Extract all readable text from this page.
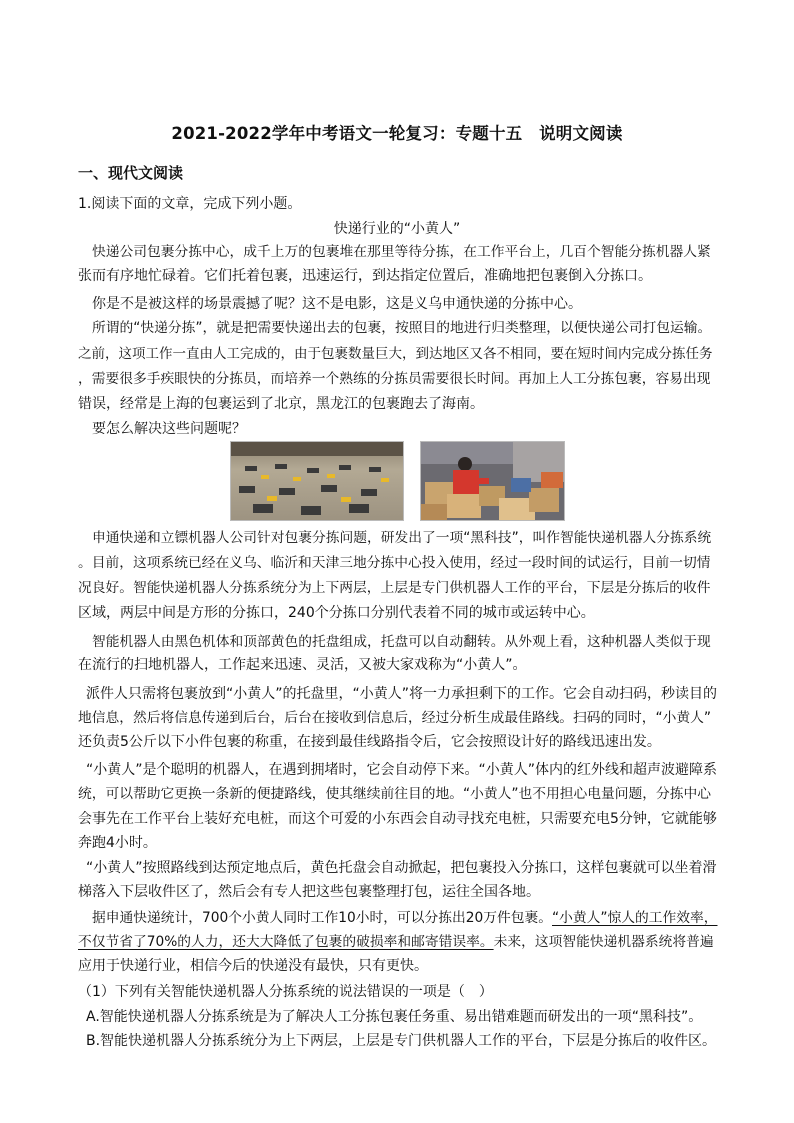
2021-2022学年中考语文一轮复习：专题十五　说明文阅读
一、现代文阅读
1.阅读下面的文章，完成下列小题。
快递行业的“小黄人”
快递公司包裹分拣中心，成千上万的包裹堆在那里等待分拣，在工作平台上，几百个智能分拣机器人紧
张而有序地忙碌着。它们托着包裹，迅速运行，到达指定位置后，准确地把包裹倒入分拣口。
你是不是被这样的场景震撼了呢？这不是电影，这是义乌申通快递的分拣中心。
所谓的“快递分拣”，就是把需要快递出去的包裹，按照目的地进行归类整理，以便快递公司打包运输。
之前，这项工作一直由人工完成的，由于包裹数量巨大，到达地区又各不相同，要在短时间内完成分拣任务
，需要很多手疾眼快的分拣员，而培养一个熟练的分拣员需要很长时间。再加上人工分拣包裹，容易出现
错误，经常是上海的包裹运到了北京，黑龙江的包裹跑去了海南。
要怎么解决这些问题呢？
申通快递和立镖机器人公司针对包裹分拣问题，研发出了一项“黑科技”，叫作智能快递机器人分拣系统
。目前，这项系统已经在义乌、临沂和天津三地分拣中心投入使用，经过一段时间的试运行，目前一切情
况良好。智能快递机器人分拣系统分为上下两层，上层是专门供机器人工作的平台，下层是分拣后的收件
区域，两层中间是方形的分拣口，240个分拣口分别代表着不同的城市或运转中心。
智能机器人由黑色机体和顶部黄色的托盘组成，托盘可以自动翻转。从外观上看，这种机器人类似于现
在流行的扫地机器人，工作起来迅速、灵活，又被大家戏称为“小黄人”。
派件人只需将包裹放到“小黄人”的托盘里，“小黄人”将一力承担剩下的工作。它会自动扫码，秒读目的
地信息，然后将信息传递到后台，后台在接收到信息后，经过分析生成最佳路线。扫码的同时，“小黄人”
还负责5公斤以下小件包裹的称重，在接到最佳线路指令后，它会按照设计好的路线迅速出发。
“小黄人”是个聪明的机器人，在遇到拥堵时，它会自动停下来。“小黄人”体内的红外线和超声波避障系
统，可以帮助它更换一条新的便捷路线，使其继续前往目的地。“小黄人”也不用担心电量问题，分拣中心
会事先在工作平台上装好充电桩，而这个可爱的小东西会自动寻找充电桩，只需要充电5分钟，它就能够
奔跑4小时。
“小黄人”按照路线到达预定地点后，黄色托盘会自动掀起，把包裹投入分拣口，这样包裹就可以坐着滑
梯落入下层收件区了，然后会有专人把这些包裹整理打包，运往全国各地。
据申通快递统计，700个小黄人同时工作10小时，可以分拣出20万件包裹。“小黄人”惊人的工作效率，
不仅节省了70%的人力，还大大降低了包裹的破损率和邮寄错误率。未来，这项智能快递机器系统将普遍
应用于快递行业，相信今后的快递没有最快，只有更快。
（1）下列有关智能快递机器人分拣系统的说法错误的一项是（　）
A.智能快递机器人分拣系统是为了解决人工分拣包裹任务重、易出错难题而研发出的一项“黑科技”。
B.智能快递机器人分拣系统分为上下两层，上层是专门供机器人工作的平台，下层是分拣后的收件区。
